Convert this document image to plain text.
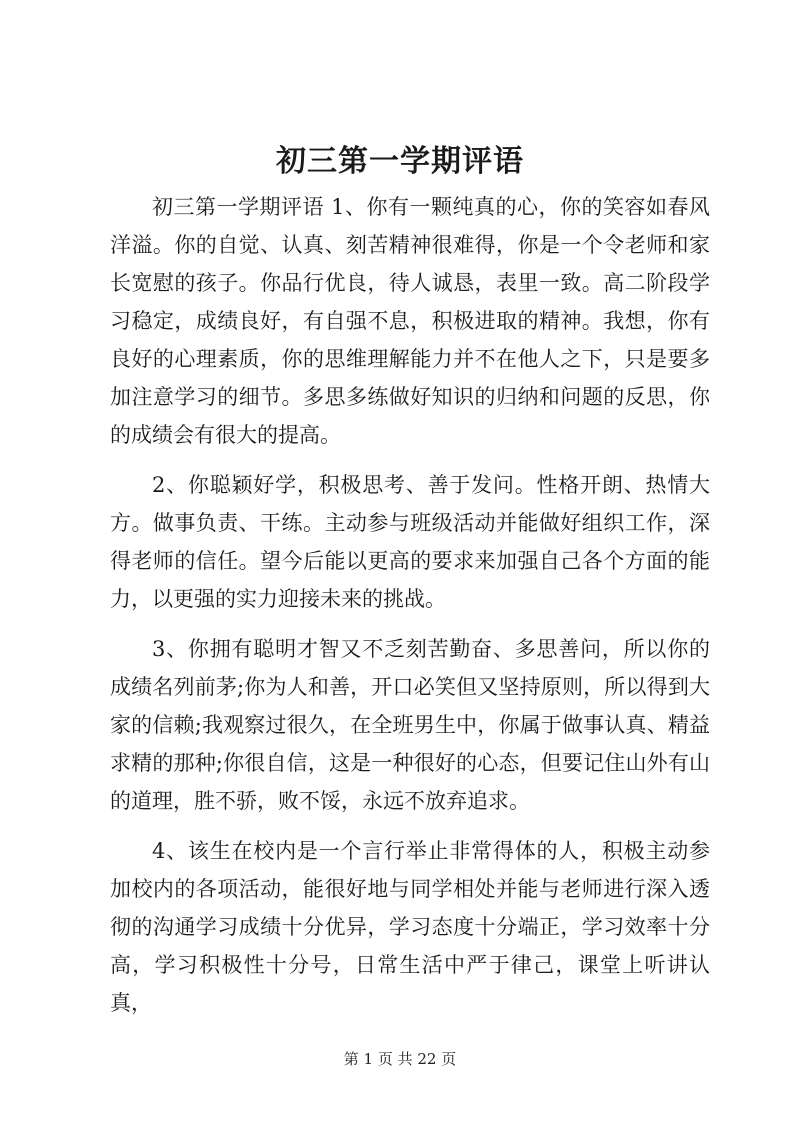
初三第一学期评语

初三第一学期评语 1、你有一颗纯真的心，你的笑容如春风洋溢。你的自觉、认真、刻苦精神很难得，你是一个令老师和家长宽慰的孩子。你品行优良，待人诚恳，表里一致。高二阶段学习稳定，成绩良好，有自强不息，积极进取的精神。我想，你有良好的心理素质，你的思维理解能力并不在他人之下，只是要多加注意学习的细节。多思多练做好知识的归纳和问题的反思，你的成绩会有很大的提高。

2、你聪颖好学，积极思考、善于发问。性格开朗、热情大方。做事负责、干练。主动参与班级活动并能做好组织工作，深得老师的信任。望今后能以更高的要求来加强自己各个方面的能力，以更强的实力迎接未来的挑战。

3、你拥有聪明才智又不乏刻苦勤奋、多思善问，所以你的成绩名列前茅;你为人和善，开口必笑但又坚持原则，所以得到大家的信赖;我观察过很久，在全班男生中，你属于做事认真、精益求精的那种;你很自信，这是一种很好的心态，但要记住山外有山的道理，胜不骄，败不馁，永远不放弃追求。

4、该生在校内是一个言行举止非常得体的人，积极主动参加校内的各项活动，能很好地与同学相处并能与老师进行深入透彻的沟通学习成绩十分优异，学习态度十分端正，学习效率十分高，学习积极性十分号，日常生活中严于律己，课堂上听讲认真，

第 1 页 共 22 页
